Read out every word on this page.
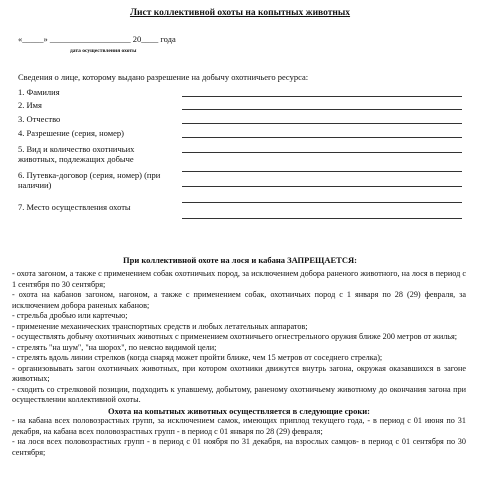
Лист коллективной охоты на копытных животных
«_____» ___________________ 20____ года
дата осуществления охоты
Сведения о лице, которому выдано разрешение на добычу охотничьего ресурса:
1. Фамилия
2. Имя
3. Отчество
4. Разрешение (серия, номер)
5. Вид и количество охотничьих
животных, подлежащих добыче
6. Путевка-договор (серия, номер) (при
наличии)
7. Место осуществления охоты
При коллективной охоте на лося и кабана ЗАПРЕЩАЕТСЯ:

- охота загоном, а также с применением собак охотничьих пород, за исключением добора раненого животного, на лося в период с 1 сентября по 30 сентября;

- охота на кабанов загоном, нагоном, а также с применением собак, охотничьих пород с 1 января по 28 (29) февраля, за исключением добора раненых кабанов;

- стрельба дробью или картечью;

- применение механических транспортных средств и любых летательных аппаратов;

- осуществлять добычу охотничьих животных с применением охотничьего огнестрельного оружия ближе 200 метров от жилья;

- стрелять "на шум", "на шорох", по неясно видимой цели;

- стрелять вдоль линии стрелков (когда снаряд может пройти ближе, чем 15 метров от соседнего стрелка);

- организовывать загон охотничьих животных, при котором охотники движутся внутрь загона, окружая оказавшихся в загоне животных;

- сходить со стрелковой позиции, подходить к упавшему, добытому, раненому охотничьему животному до окончания загона при осуществлении коллективной охоты.

Охота на копытных животных осуществляется в следующие сроки:

- на кабана всех половозрастных групп, за исключением самок, имеющих приплод текущего года, - в период с 01 июня по 31 декабря, на кабана всех половозрастных групп - в период с 01 января по 28 (29) февраля;

- на лося всех половозрастных групп - в период с 01 ноября по 31 декабря, на взрослых самцов- в период с 01 сентября по 30 сентября;
